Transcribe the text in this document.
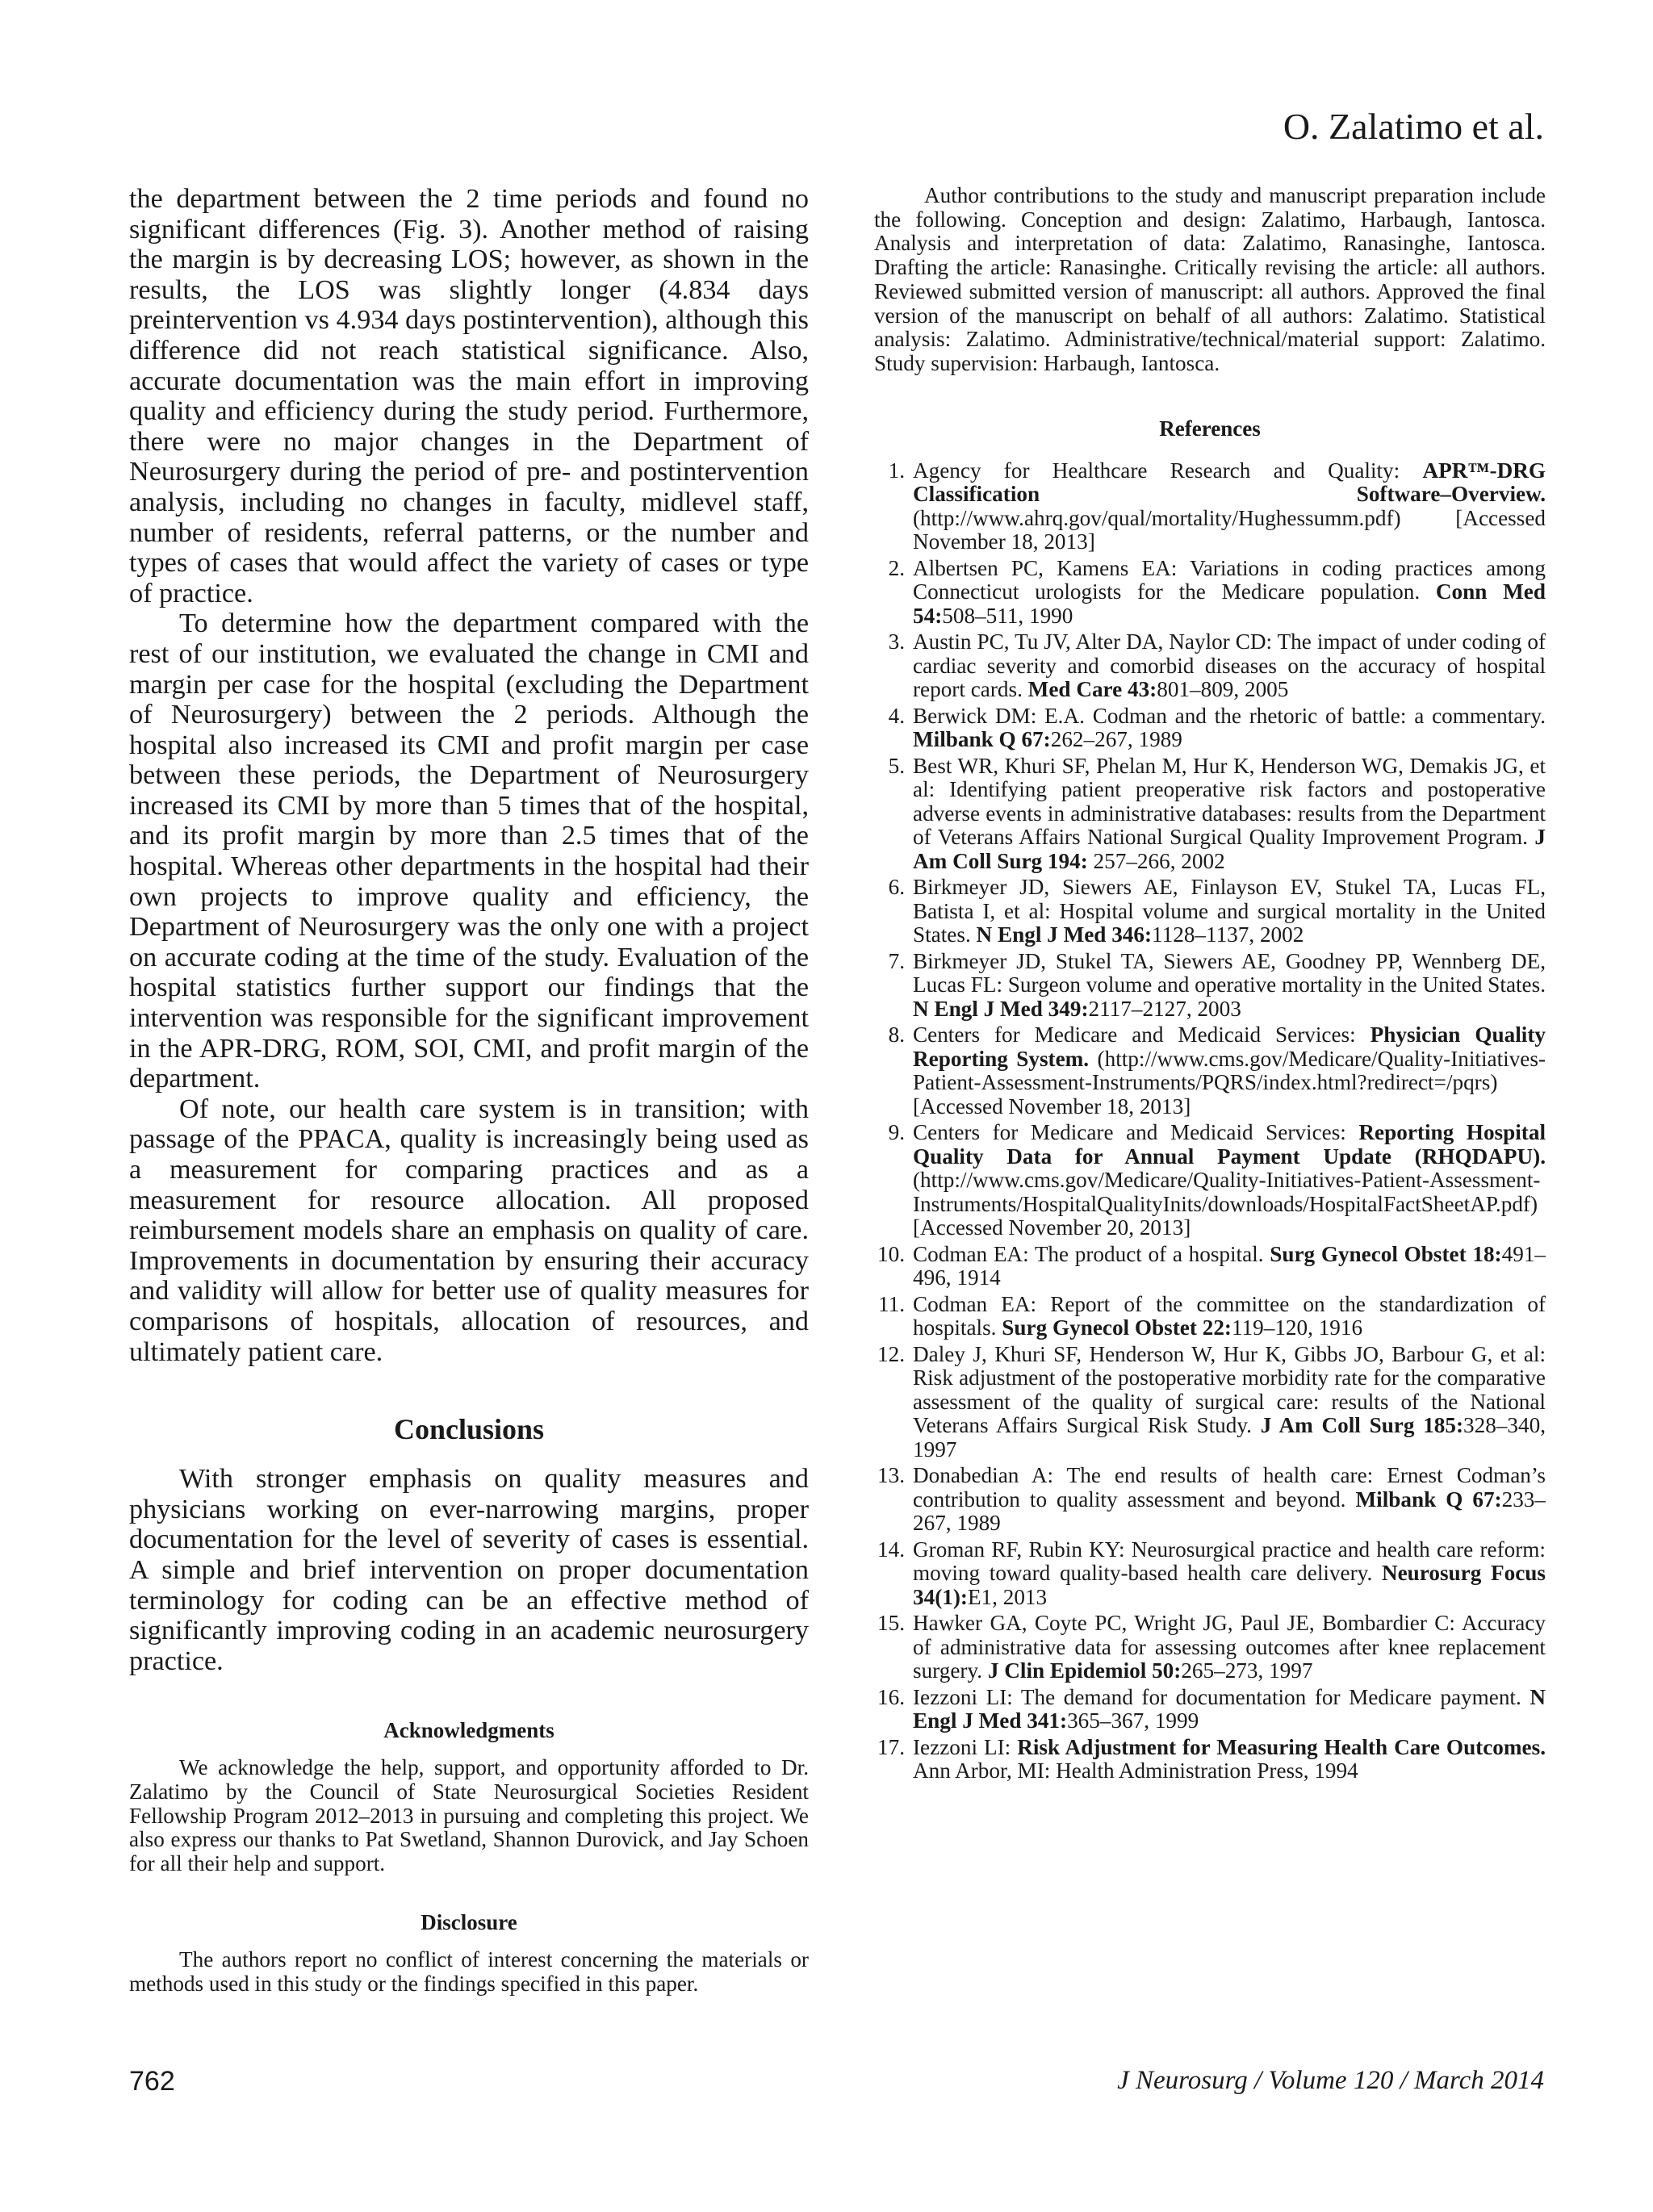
O. Zalatimo et al.

the department between the 2 time periods and found no significant differences (Fig. 3). Another method of raising the margin is by decreasing LOS; however, as shown in the results, the LOS was slightly longer (4.834 days preintervention vs 4.934 days postintervention), although this difference did not reach statistical significance. Also, accurate documentation was the main effort in improving quality and efficiency during the study period. Furthermore, there were no major changes in the Department of Neurosurgery during the period of pre- and postintervention analysis, including no changes in faculty, midlevel staff, number of residents, referral patterns, or the number and types of cases that would affect the variety of cases or type of practice.

To determine how the department compared with the rest of our institution, we evaluated the change in CMI and margin per case for the hospital (excluding the Department of Neurosurgery) between the 2 periods. Although the hospital also increased its CMI and profit margin per case between these periods, the Department of Neurosurgery increased its CMI by more than 5 times that of the hospital, and its profit margin by more than 2.5 times that of the hospital. Whereas other departments in the hospital had their own projects to improve quality and efficiency, the Department of Neurosurgery was the only one with a project on accurate coding at the time of the study. Evaluation of the hospital statistics further support our findings that the intervention was responsible for the significant improvement in the APR-DRG, ROM, SOI, CMI, and profit margin of the department.

Of note, our health care system is in transition; with passage of the PPACA, quality is increasingly being used as a measurement for comparing practices and as a measurement for resource allocation. All proposed reimbursement models share an emphasis on quality of care. Improvements in documentation by ensuring their accuracy and validity will allow for better use of quality measures for comparisons of hospitals, allocation of resources, and ultimately patient care.

Conclusions

With stronger emphasis on quality measures and physicians working on ever-narrowing margins, proper documentation for the level of severity of cases is essential. A simple and brief intervention on proper documentation terminology for coding can be an effective method of significantly improving coding in an academic neurosurgery practice.

Acknowledgments

We acknowledge the help, support, and opportunity afforded to Dr. Zalatimo by the Council of State Neurosurgical Societies Resident Fellowship Program 2012–2013 in pursuing and completing this project. We also express our thanks to Pat Swetland, Shannon Durovick, and Jay Schoen for all their help and support.

Disclosure

The authors report no conflict of interest concerning the materials or methods used in this study or the findings specified in this paper.

Author contributions to the study and manuscript preparation include the following. Conception and design: Zalatimo, Harbaugh, Iantosca. Analysis and interpretation of data: Zalatimo, Ranasinghe, Iantosca. Drafting the article: Ranasinghe. Critically revising the article: all authors. Reviewed submitted version of manuscript: all authors. Approved the final version of the manuscript on behalf of all authors: Zalatimo. Statistical analysis: Zalatimo. Administrative/technical/material support: Zalatimo. Study supervision: Harbaugh, Iantosca.

References
1. Agency for Healthcare Research and Quality: APR™-DRG Classification Software–Overview. (http://www.ahrq.gov/qual/mortality/Hughessumm.pdf) [Accessed November 18, 2013]
2. Albertsen PC, Kamens EA: Variations in coding practices among Connecticut urologists for the Medicare population. Conn Med 54:508–511, 1990
3. Austin PC, Tu JV, Alter DA, Naylor CD: The impact of under coding of cardiac severity and comorbid diseases on the accuracy of hospital report cards. Med Care 43:801–809, 2005
4. Berwick DM: E.A. Codman and the rhetoric of battle: a commentary. Milbank Q 67:262–267, 1989
5. Best WR, Khuri SF, Phelan M, Hur K, Henderson WG, Demakis JG, et al: Identifying patient preoperative risk factors and postoperative adverse events in administrative databases: results from the Department of Veterans Affairs National Surgical Quality Improvement Program. J Am Coll Surg 194: 257–266, 2002
6. Birkmeyer JD, Siewers AE, Finlayson EV, Stukel TA, Lucas FL, Batista I, et al: Hospital volume and surgical mortality in the United States. N Engl J Med 346:1128–1137, 2002
7. Birkmeyer JD, Stukel TA, Siewers AE, Goodney PP, Wennberg DE, Lucas FL: Surgeon volume and operative mortality in the United States. N Engl J Med 349:2117–2127, 2003
8. Centers for Medicare and Medicaid Services: Physician Quality Reporting System. (http://www.cms.gov/Medicare/Quality-Initiatives-Patient-Assessment-Instruments/PQRS/index.html?redirect=/pqrs) [Accessed November 18, 2013]
9. Centers for Medicare and Medicaid Services: Reporting Hospital Quality Data for Annual Payment Update (RHQDAPU). (http://www.cms.gov/Medicare/Quality-Initiatives-Patient-Assessment-Instruments/HospitalQualityInits/downloads/HospitalFactSheetAP.pdf) [Accessed November 20, 2013]
10. Codman EA: The product of a hospital. Surg Gynecol Obstet 18:491–496, 1914
11. Codman EA: Report of the committee on the standardization of hospitals. Surg Gynecol Obstet 22:119–120, 1916
12. Daley J, Khuri SF, Henderson W, Hur K, Gibbs JO, Barbour G, et al: Risk adjustment of the postoperative morbidity rate for the comparative assessment of the quality of surgical care: results of the National Veterans Affairs Surgical Risk Study. J Am Coll Surg 185:328–340, 1997
13. Donabedian A: The end results of health care: Ernest Codman’s contribution to quality assessment and beyond. Milbank Q 67:233–267, 1989
14. Groman RF, Rubin KY: Neurosurgical practice and health care reform: moving toward quality-based health care delivery. Neurosurg Focus 34(1):E1, 2013
15. Hawker GA, Coyte PC, Wright JG, Paul JE, Bombardier C: Accuracy of administrative data for assessing outcomes after knee replacement surgery. J Clin Epidemiol 50:265–273, 1997
16. Iezzoni LI: The demand for documentation for Medicare payment. N Engl J Med 341:365–367, 1999
17. Iezzoni LI: Risk Adjustment for Measuring Health Care Outcomes. Ann Arbor, MI: Health Administration Press, 1994
762	J Neurosurg / Volume 120 / March 2014
